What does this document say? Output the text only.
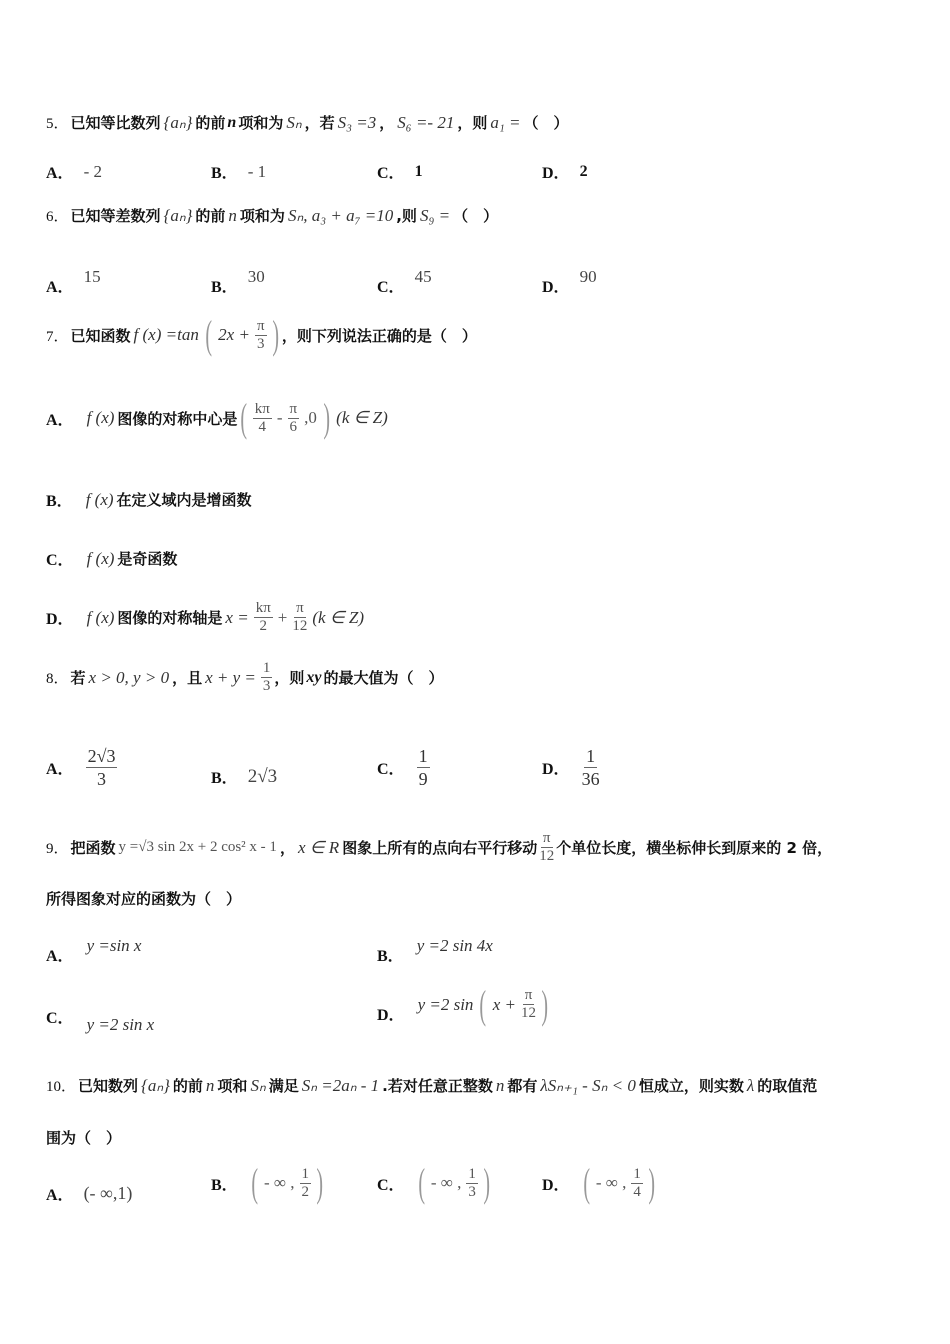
5． 已知等比数列 {aₙ} 的前 n 项和为 Sₙ ，若 S₃ =3 ， S₆ =- 21 ，则 a₁ = （　）
A． - 2	B． - 1	C． 1	D． 2
6． 已知等差数列 {aₙ} 的前 n 项和为 Sₙ, a₃ + a₇ =10 ,则 S₉ = （　）
A．
15
B．
30
C．
45
D．
90
7． 已知函数 f (x) =tan ( $2x + \frac{\pi}{3}$ ) ，则下列说法正确的是（　）
A． f (x) 图像的对称中心是 ( $\frac{k\pi}{4} - \frac{\pi}{6} ,0$ ) (k ∈ Z)
B． f (x) 在定义域内是增函数
C． f (x) 是奇函数
D． f (x) 图像的对称轴是 $x = \frac{k\pi}{2} + \frac{\pi}{12} (k$ ∈ Z)
8． 若 x > 0, y > 0 ，且 $x + y = \frac{1}{3}$ ，则 xy 的最大值为（　）
A． $\frac{2√3}{3}$	B． 2√3	C． $\frac{1}{9}$	D． $\frac{1}{36}$
9． 把函数 y =√3 sin 2x + 2 cos² x - 1 ， x ∈ R 图象上所有的点向右平行移动 $\frac{\pi}{12}$ 个单位长度，横坐标伸长到原来的 2 倍，
所得图象对应的函数为（　）
A．
y =sin x
B．
y =2 sin 4x
C． y =2 sin x	D．
y =2 sin ( $x + \frac{\pi}{12}$ )
10． 已知数列 {aₙ} 的前 n 项和 Sₙ 满足 Sₙ =2aₙ - 1 .若对任意正整数 n 都有 λSₙ₊₁ - Sₙ < 0 恒成立，则实数 λ 的取值范
围为（　）
A． (- ∞,1)	B． ( - ∞ , $\frac{1}{2}$ )	C． ( - ∞ , $\frac{1}{3}$ )	D． ( - ∞ , $\frac{1}{4}$ )
